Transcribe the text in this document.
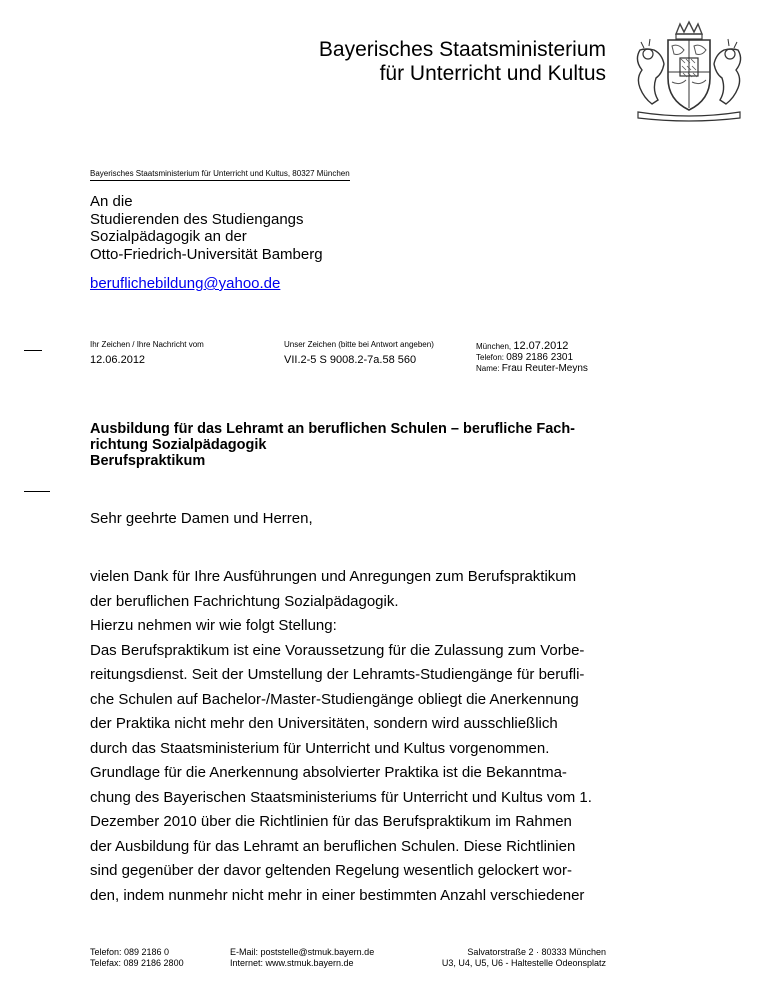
Bayerisches Staatsministerium
für Unterricht und Kultus
Bayerisches Staatsministerium für Unterricht und Kultus, 80327 München
An die
Studierenden des Studiengangs
Sozialpädagogik an der
Otto-Friedrich-Universität Bamberg
beruflichebildung@yahoo.de
Ihr Zeichen / Ihre Nachricht vom
12.06.2012
Unser Zeichen (bitte bei Antwort angeben)
VII.2-5 S 9008.2-7a.58 560
München, 12.07.2012
Telefon: 089 2186 2301
Name: Frau Reuter-Meyns
Ausbildung für das Lehramt an beruflichen Schulen – berufliche Fach-
richtung Sozialpädagogik
Berufspraktikum
Sehr geehrte Damen und Herren,

vielen Dank für Ihre Ausführungen und Anregungen zum Berufspraktikum

der beruflichen Fachrichtung Sozialpädagogik.

Hierzu nehmen wir wie folgt Stellung:

Das Berufspraktikum ist eine Voraussetzung für die Zulassung zum Vorbe-

reitungsdienst. Seit der Umstellung der Lehramts-Studiengänge für berufli-

che Schulen auf Bachelor-/Master-Studiengänge obliegt die Anerkennung

der Praktika nicht mehr den Universitäten, sondern wird ausschließlich

durch das Staatsministerium für Unterricht und Kultus vorgenommen.

Grundlage für die Anerkennung absolvierter Praktika ist die Bekanntma-

chung des Bayerischen Staatsministeriums für Unterricht und Kultus vom 1.

Dezember 2010 über die Richtlinien für das Berufspraktikum im Rahmen

der Ausbildung für das Lehramt an beruflichen Schulen. Diese Richtlinien

sind gegenüber der davor geltenden Regelung wesentlich gelockert wor-

den, indem nunmehr nicht mehr in einer bestimmten Anzahl verschiedener

Telefon: 089 2186 0
Telefax: 089 2186 2800
E-Mail: poststelle@stmuk.bayern.de
Internet: www.stmuk.bayern.de
Salvatorstraße 2 · 80333 München
U3, U4, U5, U6 - Haltestelle Odeonsplatz
